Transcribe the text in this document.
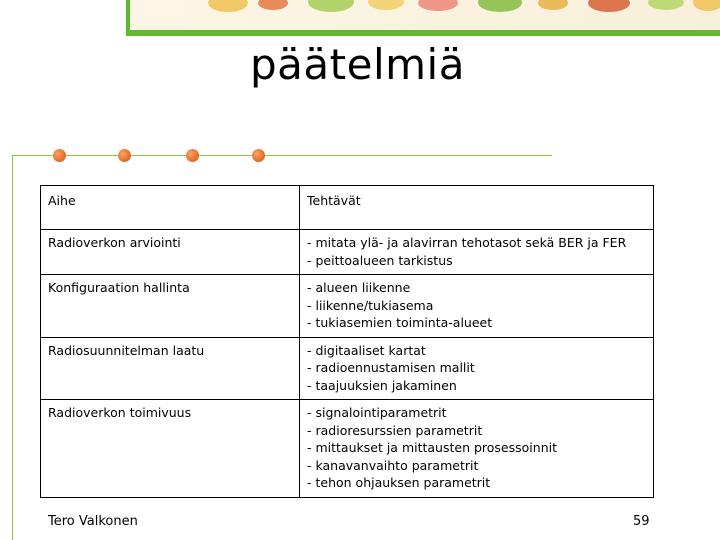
päätelmiä
Aihe	Tehtävät
Radioverkon arviointi	- mitata ylä- ja alavirran tehotasot sekä BER ja FER
- peittoalueen tarkistus

Konfiguraation hallinta	- alueen liikenne
- liikenne/tukiasema
- tukiasemien toiminta-alueet

Radiosuunnitelman laatu	- digitaaliset kartat
- radioennustamisen mallit
- taajuuksien jakaminen

Radioverkon toimivuus	- signalointiparametrit
- radioresurssien parametrit
- mittaukset ja mittausten prosessoinnit
- kanavanvaihto parametrit
- tehon ohjauksen parametrit
Tero Valkonen	59
